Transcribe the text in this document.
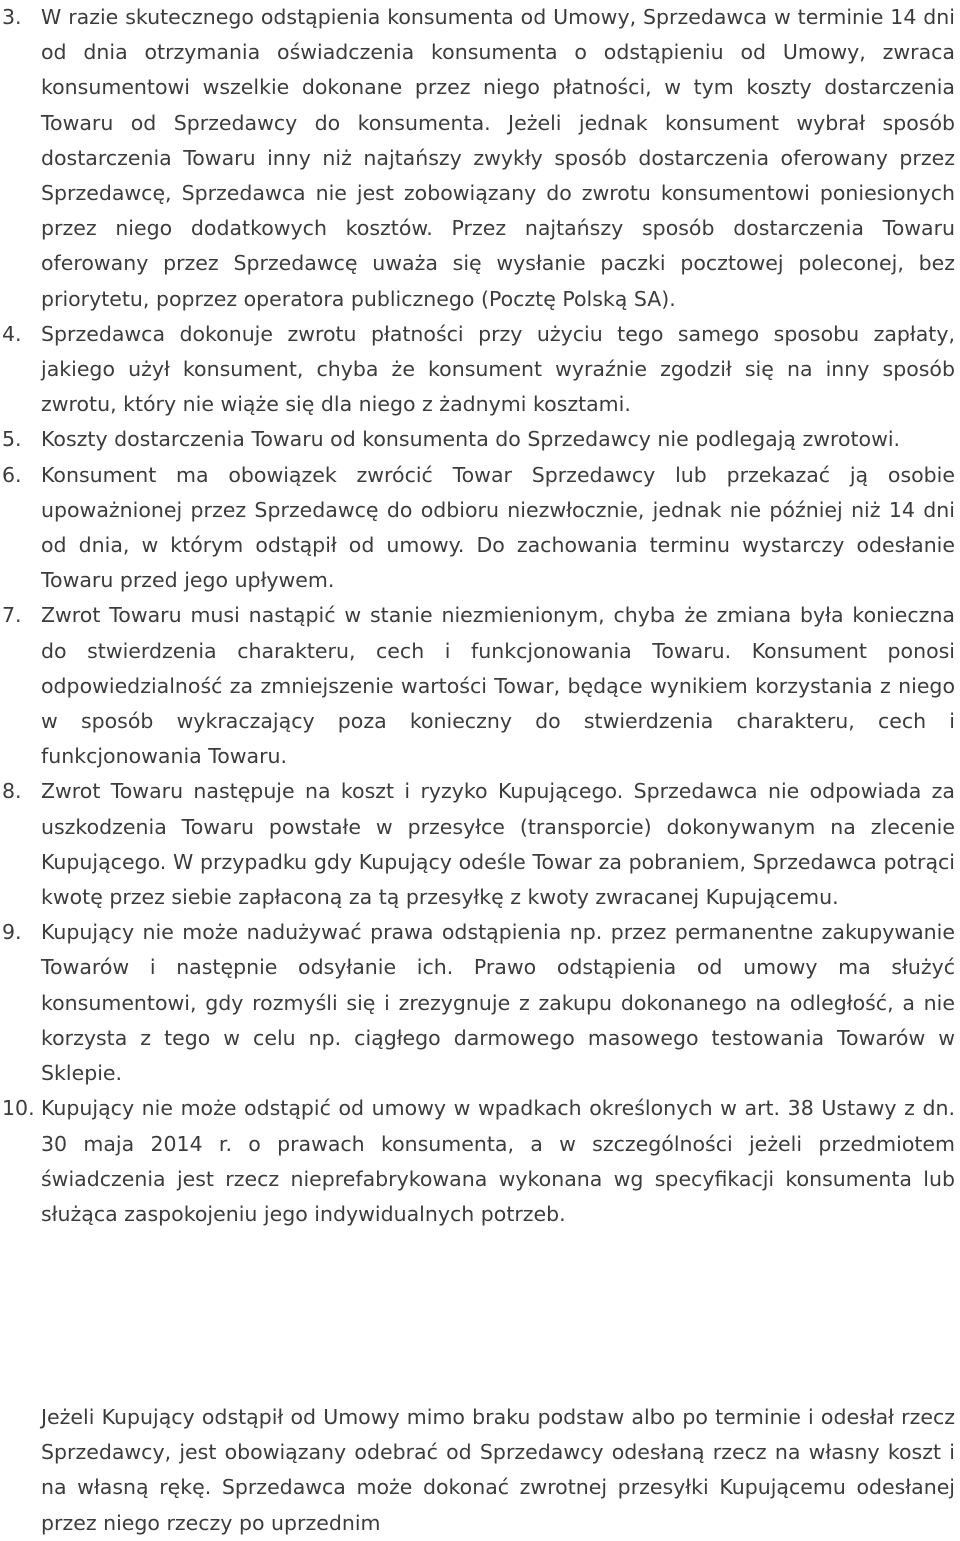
3. W razie skutecznego odstąpienia konsumenta od Umowy, Sprzedawca w terminie 14 dni od dnia otrzymania oświadczenia konsumenta o odstąpieniu od Umowy, zwraca konsumentowi wszelkie dokonane przez niego płatności, w tym koszty dostarczenia Towaru od Sprzedawcy do konsumenta. Jeżeli jednak konsument wybrał sposób dostarczenia Towaru inny niż najtańszy zwykły sposób dostarczenia oferowany przez Sprzedawcę, Sprzedawca nie jest zobowiązany do zwrotu konsumentowi poniesionych przez niego dodatkowych kosztów. Przez najtańszy sposób dostarczenia Towaru oferowany przez Sprzedawcę uważa się wysłanie paczki pocztowej poleconej, bez priorytetu, poprzez operatora publicznego (Pocztę Polską SA).
4. Sprzedawca dokonuje zwrotu płatności przy użyciu tego samego sposobu zapłaty, jakiego użył konsument, chyba że konsument wyraźnie zgodził się na inny sposób zwrotu, który nie wiąże się dla niego z żadnymi kosztami.
5. Koszty dostarczenia Towaru od konsumenta do Sprzedawcy nie podlegają zwrotowi.
6. Konsument ma obowiązek zwrócić Towar Sprzedawcy lub przekazać ją osobie upoważnionej przez Sprzedawcę do odbioru niezwłocznie, jednak nie później niż 14 dni od dnia, w którym odstąpił od umowy. Do zachowania terminu wystarczy odesłanie Towaru przed jego upływem.
7. Zwrot Towaru musi nastąpić w stanie niezmienionym, chyba że zmiana była konieczna do stwierdzenia charakteru, cech i funkcjonowania Towaru. Konsument ponosi odpowiedzialność za zmniejszenie wartości Towar, będące wynikiem korzystania z niego w sposób wykraczający poza konieczny do stwierdzenia charakteru, cech i funkcjonowania Towaru.
8. Zwrot Towaru następuje na koszt i ryzyko Kupującego. Sprzedawca nie odpowiada za uszkodzenia Towaru powstałe w przesyłce (transporcie) dokonywanym na zlecenie Kupującego. W przypadku gdy Kupujący odeśle Towar za pobraniem, Sprzedawca potrąci kwotę przez siebie zapłaconą za tą przesyłkę z kwoty zwracanej Kupującemu.
9. Kupujący nie może nadużywać prawa odstąpienia np. przez permanentne zakupywanie Towarów i następnie odsyłanie ich. Prawo odstąpienia od umowy ma służyć konsumentowi, gdy rozmyśli się i zrezygnuje z zakupu dokonanego na odległość, a nie korzysta z tego w celu np. ciągłego darmowego masowego testowania Towarów w Sklepie.
10. Kupujący nie może odstąpić od umowy w wpadkach określonych w art. 38 Ustawy z dn. 30 maja 2014 r. o prawach konsumenta, a w szczególności jeżeli przedmiotem świadczenia jest rzecz nieprefabrykowana wykonana wg specyfikacji konsumenta lub służąca zaspokojeniu jego indywidualnych potrzeb.

Jeżeli Kupujący odstąpił od Umowy mimo braku podstaw albo po terminie i odesłał rzecz Sprzedawcy, jest obowiązany odebrać od Sprzedawcy odesłaną rzecz na własny koszt i na własną rękę. Sprzedawca może dokonać zwrotnej przesyłki Kupującemu odesłanej przez niego rzeczy po uprzednim
